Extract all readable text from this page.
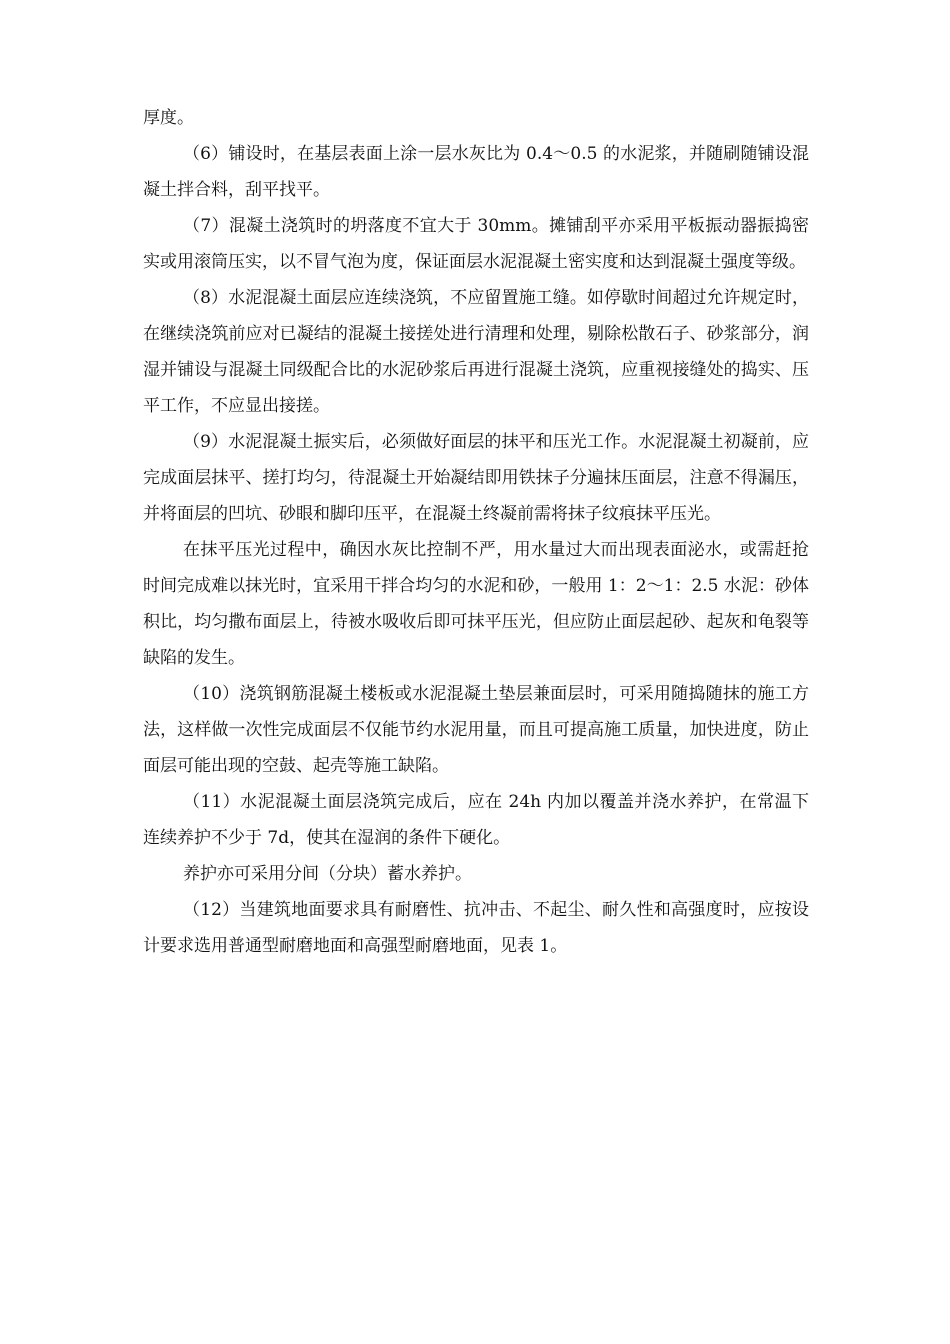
厚度。

（6）铺设时，在基层表面上涂一层水灰比为 0.4～0.5 的水泥浆，并随刷随铺设混凝土拌合料，刮平找平。

（7）混凝土浇筑时的坍落度不宜大于 30mm。摊铺刮平亦采用平板振动器振捣密实或用滚筒压实，以不冒气泡为度，保证面层水泥混凝土密实度和达到混凝土强度等级。

（8）水泥混凝土面层应连续浇筑，不应留置施工缝。如停歇时间超过允许规定时，在继续浇筑前应对已凝结的混凝土接搓处进行清理和处理，剔除松散石子、砂浆部分，润湿并铺设与混凝土同级配合比的水泥砂浆后再进行混凝土浇筑，应重视接缝处的捣实、压平工作，不应显出接搓。

（9）水泥混凝土振实后，必须做好面层的抹平和压光工作。水泥混凝土初凝前，应完成面层抹平、搓打均匀，待混凝土开始凝结即用铁抹子分遍抹压面层，注意不得漏压，并将面层的凹坑、砂眼和脚印压平，在混凝土终凝前需将抹子纹痕抹平压光。

在抹平压光过程中，确因水灰比控制不严，用水量过大而出现表面泌水，或需赶抢时间完成难以抹光时，宜采用干拌合均匀的水泥和砂，一般用 1：2～1：2.5 水泥：砂体积比，均匀撒布面层上，待被水吸收后即可抹平压光，但应防止面层起砂、起灰和龟裂等缺陷的发生。

（10）浇筑钢筋混凝土楼板或水泥混凝土垫层兼面层时，可采用随捣随抹的施工方法，这样做一次性完成面层不仅能节约水泥用量，而且可提高施工质量，加快进度，防止面层可能出现的空鼓、起壳等施工缺陷。

（11）水泥混凝土面层浇筑完成后，应在 24h 内加以覆盖并浇水养护，在常温下连续养护不少于 7d，使其在湿润的条件下硬化。

养护亦可采用分间（分块）蓄水养护。

（12）当建筑地面要求具有耐磨性、抗冲击、不起尘、耐久性和高强度时，应按设计要求选用普通型耐磨地面和高强型耐磨地面，见表 1。
